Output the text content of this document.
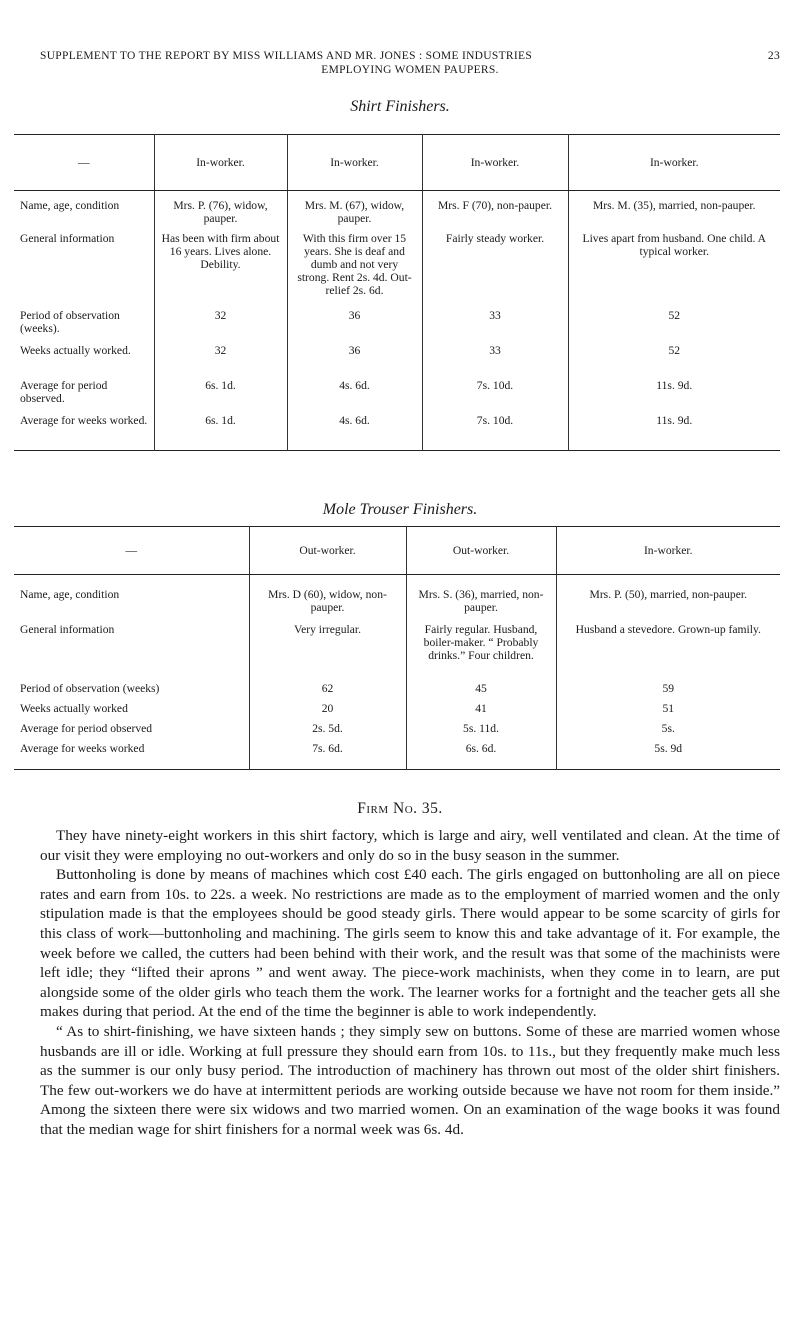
SUPPLEMENT TO THE REPORT BY MISS WILLIAMS AND MR. JONES : SOME INDUSTRIES	23
EMPLOYING WOMEN PAUPERS.
Shirt Finishers.
—	In-worker.	In-worker.	In-worker.	In-worker.
Name, age, condition	Mrs. P. (76), widow, pauper.	Mrs. M. (67), widow, pauper.	Mrs. F (70), non-pauper.	Mrs. M. (35), married, non-pauper.
General information	Has been with firm about 16 years. Lives alone. Debility.	With this firm over 15 years. She is deaf and dumb and not very strong. Rent 2s. 4d. Out-relief 2s. 6d.	Fairly steady worker.	Lives apart from husband. One child. A typical worker.
Period of observation (weeks).	32	36	33	52
Weeks actually worked.	32	36	33	52
Average for period observed.	6s. 1d.	4s. 6d.	7s. 10d.	11s. 9d.
Average for weeks worked.	6s. 1d.	4s. 6d.	7s. 10d.	11s. 9d.
Mole Trouser Finishers.
—	Out-worker.	Out-worker.	In-worker.
Name, age, condition	Mrs. D (60), widow, non-pauper.	Mrs. S. (36), married, non-pauper.	Mrs. P. (50), married, non-pauper.
General information	Very irregular.	Fairly regular. Husband, boiler-maker. “ Probably drinks.” Four children.	Husband a stevedore. Grown-up family.
Period of observation (weeks)	62	45	59
Weeks actually worked	20	41	51
Average for period observed	2s. 5d.	5s. 11d.	5s.
Average for weeks worked	7s. 6d.	6s. 6d.	5s. 9d
Firm No. 35.

They have ninety-eight workers in this shirt factory, which is large and airy, well ventilated and clean. At the time of our visit they were employing no out-workers and only do so in the busy season in the summer.

Buttonholing is done by means of machines which cost £40 each. The girls engaged on buttonholing are all on piece rates and earn from 10s. to 22s. a week. No restrictions are made as to the employment of married women and the only stipulation made is that the employees should be good steady girls. There would appear to be some scarcity of girls for this class of work—buttonholing and machining. The girls seem to know this and take advantage of it. For example, the week before we called, the cutters had been behind with their work, and the result was that some of the machinists were left idle; they “lifted their aprons ” and went away. The piece-work machinists, when they come in to learn, are put alongside some of the older girls who teach them the work. The learner works for a fortnight and the teacher gets all she makes during that period. At the end of the time the beginner is able to work independently.

“ As to shirt-finishing, we have sixteen hands ; they simply sew on buttons. Some of these are married women whose husbands are ill or idle. Working at full pressure they should earn from 10s. to 11s., but they frequently make much less as the summer is our only busy period. The introduction of machinery has thrown out most of the older shirt finishers. The few out-workers we do have at intermittent periods are working outside because we have not room for them inside.” Among the sixteen there were six widows and two married women. On an examination of the wage books it was found that the median wage for shirt finishers for a normal week was 6s. 4d.
